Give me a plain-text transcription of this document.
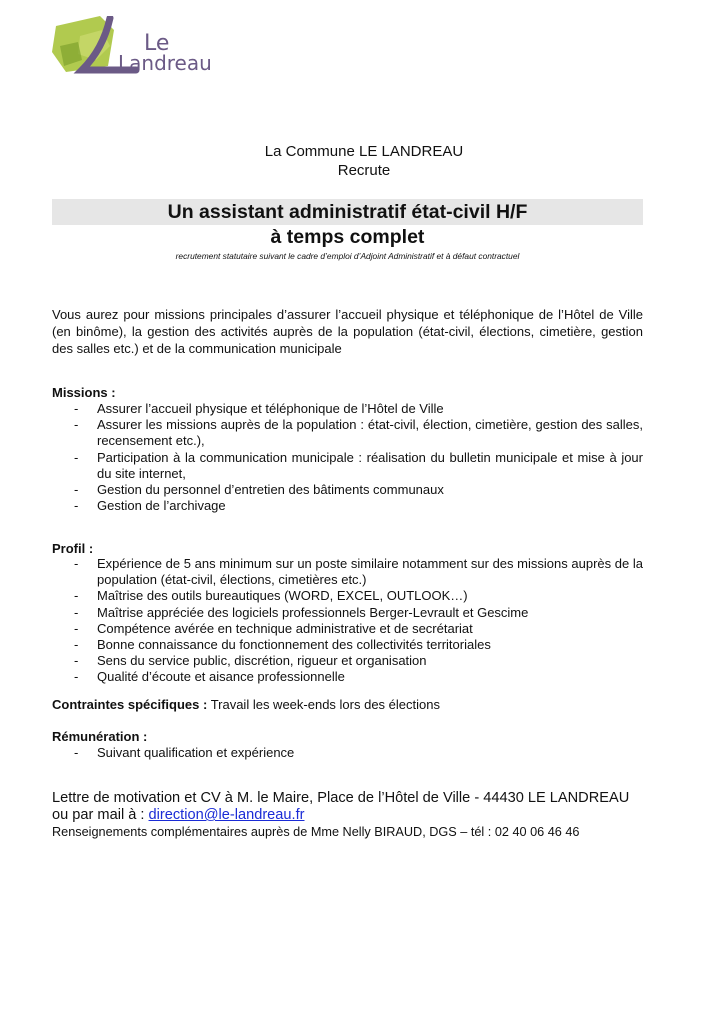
Le
Landreau
La Commune LE LANDREAU
Recrute
Un assistant administratif état-civil H/F
à temps complet
recrutement statutaire suivant le cadre d’emploi d’Adjoint Administratif et à défaut contractuel
Vous aurez pour missions principales d’assurer l’accueil physique et téléphonique de l’Hôtel de Ville (en binôme), la gestion des activités auprès de la population (état-civil, élections, cimetière, gestion des salles etc.) et de la communication municipale
Missions :
- Assurer l’accueil physique et téléphonique de l’Hôtel de Ville
- Assurer les missions auprès de la population : état-civil, élection, cimetière, gestion des salles, recensement etc.),
- Participation à la communication municipale : réalisation du bulletin municipale et mise à jour du site internet,
- Gestion du personnel d’entretien des bâtiments communaux
- Gestion de l’archivage
Profil :
- Expérience de 5 ans minimum sur un poste similaire notamment sur des missions auprès de la population (état-civil, élections, cimetières etc.)
- Maîtrise des outils bureautiques (WORD, EXCEL, OUTLOOK…)
- Maîtrise appréciée des logiciels professionnels Berger-Levrault et Gescime
- Compétence avérée en technique administrative et de secrétariat
- Bonne connaissance du fonctionnement des collectivités territoriales
- Sens du service public, discrétion, rigueur et organisation
- Qualité d’écoute et aisance professionnelle
Contraintes spécifiques : Travail les week-ends lors des élections
Rémunération :
- Suivant qualification et expérience
Lettre de motivation et CV à M. le Maire, Place de l’Hôtel de Ville - 44430 LE LANDREAU
ou par mail à : direction@le-landreau.fr
Renseignements complémentaires auprès de Mme Nelly BIRAUD, DGS – tél : 02 40 06 46 46
